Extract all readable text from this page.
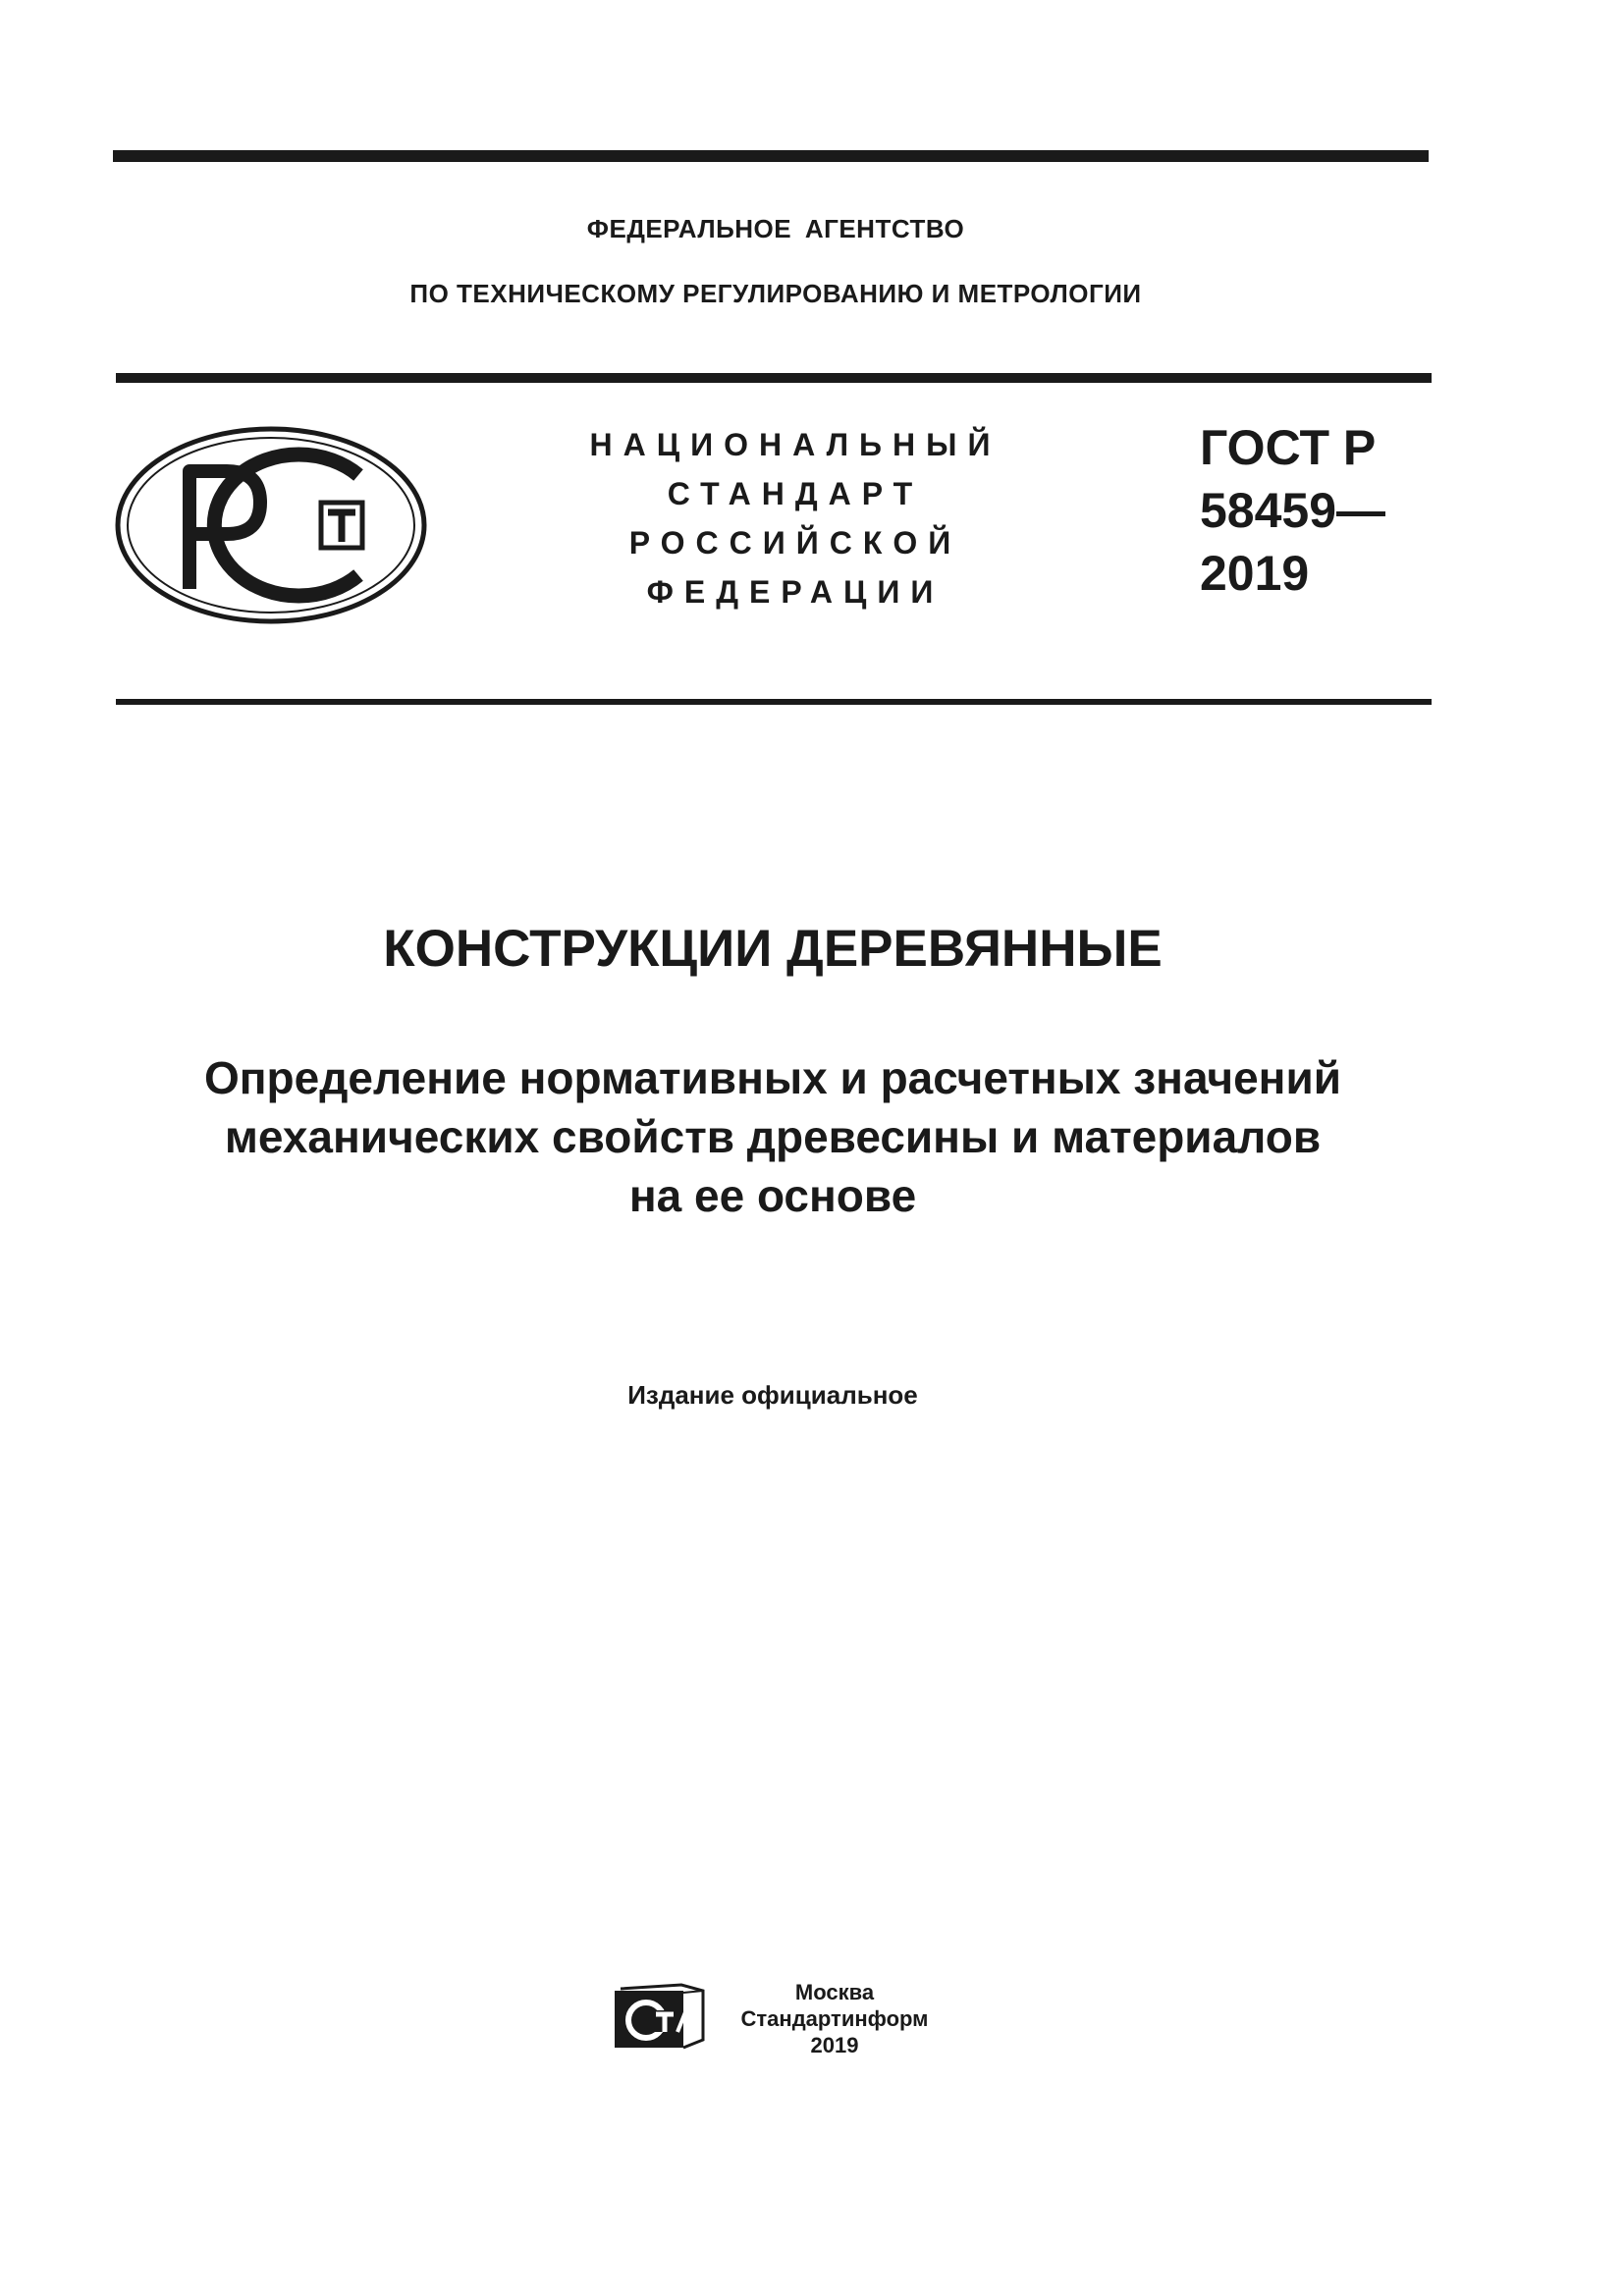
ФЕДЕРАЛЬНОЕ АГЕНТСТВО
ПО ТЕХНИЧЕСКОМУ РЕГУЛИРОВАНИЮ И МЕТРОЛОГИИ
НАЦИОНАЛЬНЫЙ
СТАНДАРТ
РОССИЙСКОЙ
ФЕДЕРАЦИИ
ГОСТ Р
58459—
2019
КОНСТРУКЦИИ ДЕРЕВЯННЫЕ
Определение нормативных и расчетных значений
механических свойств древесины и материалов
на ее основе
Издание официальное
Москва
Стандартинформ
2019
